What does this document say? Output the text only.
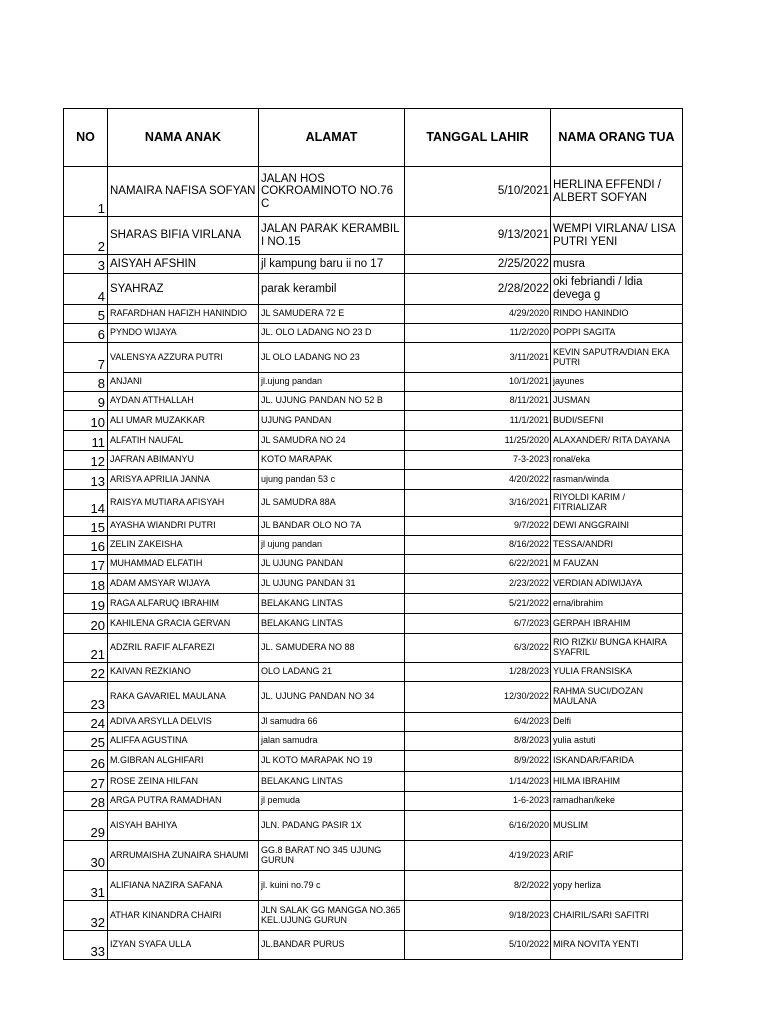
NO	NAMA ANAK	ALAMAT	TANGGAL LAHIR	NAMA ORANG TUA
1	NAMAIRA NAFISA SOFYAN	JALAN HOS COKROAMINOTO NO.76 C	5/10/2021	HERLINA EFFENDI / ALBERT SOFYAN
2	SHARAS BIFIA VIRLANA	JALAN PARAK KERAMBIL I NO.15	9/13/2021	WEMPI VIRLANA/ LISA PUTRI YENI
3	AISYAH AFSHIN	jl kampung baru ii no 17	2/25/2022	musra
4	SYAHRAZ	parak kerambil	2/28/2022	oki febriandi / ldia devega g
5	RAFARDHAN HAFIZH HANINDIO	JL SAMUDERA 72 E	4/29/2020	RINDO HANINDIO
6	PYNDO WIJAYA	JL. OLO LADANG NO 23 D	11/2/2020	POPPI SAGITA
7	VALENSYA AZZURA PUTRI	JL OLO LADANG NO 23	3/11/2021	KEVIN SAPUTRA/DIAN EKA PUTRI
8	ANJANI	jl.ujung pandan	10/1/2021	jayunes
9	AYDAN ATTHALLAH	JL. UJUNG PANDAN NO 52 B	8/11/2021	JUSMAN
10	ALI UMAR MUZAKKAR	UJUNG PANDAN	11/1/2021	BUDI/SEFNI
11	ALFATIH NAUFAL	JL SAMUDRA NO 24	11/25/2020	ALAXANDER/ RITA DAYANA
12	JAFRAN ABIMANYU	KOTO MARAPAK	7-3-2023	ronal/eka
13	ARISYA APRILIA JANNA	ujung pandan 53 c	4/20/2022	rasman/winda
14	RAISYA MUTIARA AFISYAH	JL SAMUDRA 88A	3/16/2021	RIYOLDI KARIM / FITRIALIZAR
15	AYASHA WIANDRI PUTRI	JL BANDAR OLO NO 7A	9/7/2022	DEWI ANGGRAINI
16	ZELIN ZAKEISHA	jl ujung pandan	8/16/2022	TESSA/ANDRI
17	MUHAMMAD ELFATIH	JL UJUNG PANDAN	6/22/2021	M FAUZAN
18	ADAM AMSYAR WIJAYA	JL UJUNG PANDAN 31	2/23/2022	VERDIAN ADIWIJAYA
19	RAGA ALFARUQ IBRAHIM	BELAKANG LINTAS	5/21/2022	erna/ibrahim
20	KAHILENA GRACIA GERVAN	BELAKANG LINTAS	6/7/2023	GERPAH IBRAHIM
21	ADZRIL RAFIF ALFAREZI	JL. SAMUDERA NO 88	6/3/2022	RIO RIZKI/ BUNGA KHAIRA SYAFRIL
22	KAIVAN REZKIANO	OLO LADANG 21	1/28/2023	YULIA FRANSISKA
23	RAKA GAVARIEL MAULANA	JL. UJUNG PANDAN NO 34	12/30/2022	RAHMA SUCI/DOZAN MAULANA
24	ADIVA ARSYLLA DELVIS	Jl samudra 66	6/4/2023	Delfi
25	ALIFFA AGUSTINA	jalan samudra	8/8/2023	yulia astuti
26	M.GIBRAN ALGHIFARI	JL KOTO MARAPAK NO 19	8/9/2022	ISKANDAR/FARIDA
27	ROSE ZEINA HILFAN	BELAKANG LINTAS	1/14/2023	HILMA IBRAHIM
28	ARGA PUTRA RAMADHAN	jl pemuda	1-6-2023	ramadhan/keke
29	AISYAH BAHIYA	JLN. PADANG PASIR 1X	6/16/2020	MUSLIM
30	ARRUMAISHA ZUNAIRA SHAUMI	GG.8 BARAT NO 345 UJUNG GURUN	4/19/2023	ARIF
31	ALIFIANA NAZIRA SAFANA	jl. kuini no.79 c	8/2/2022	yopy herliza
32	ATHAR KINANDRA CHAIRI	JLN SALAK GG MANGGA NO.365 KEL.UJUNG GURUN	9/18/2023	CHAIRIL/SARI SAFITRI
33	IZYAN SYAFA ULLA	JL.BANDAR PURUS	5/10/2022	MIRA NOVITA YENTI
